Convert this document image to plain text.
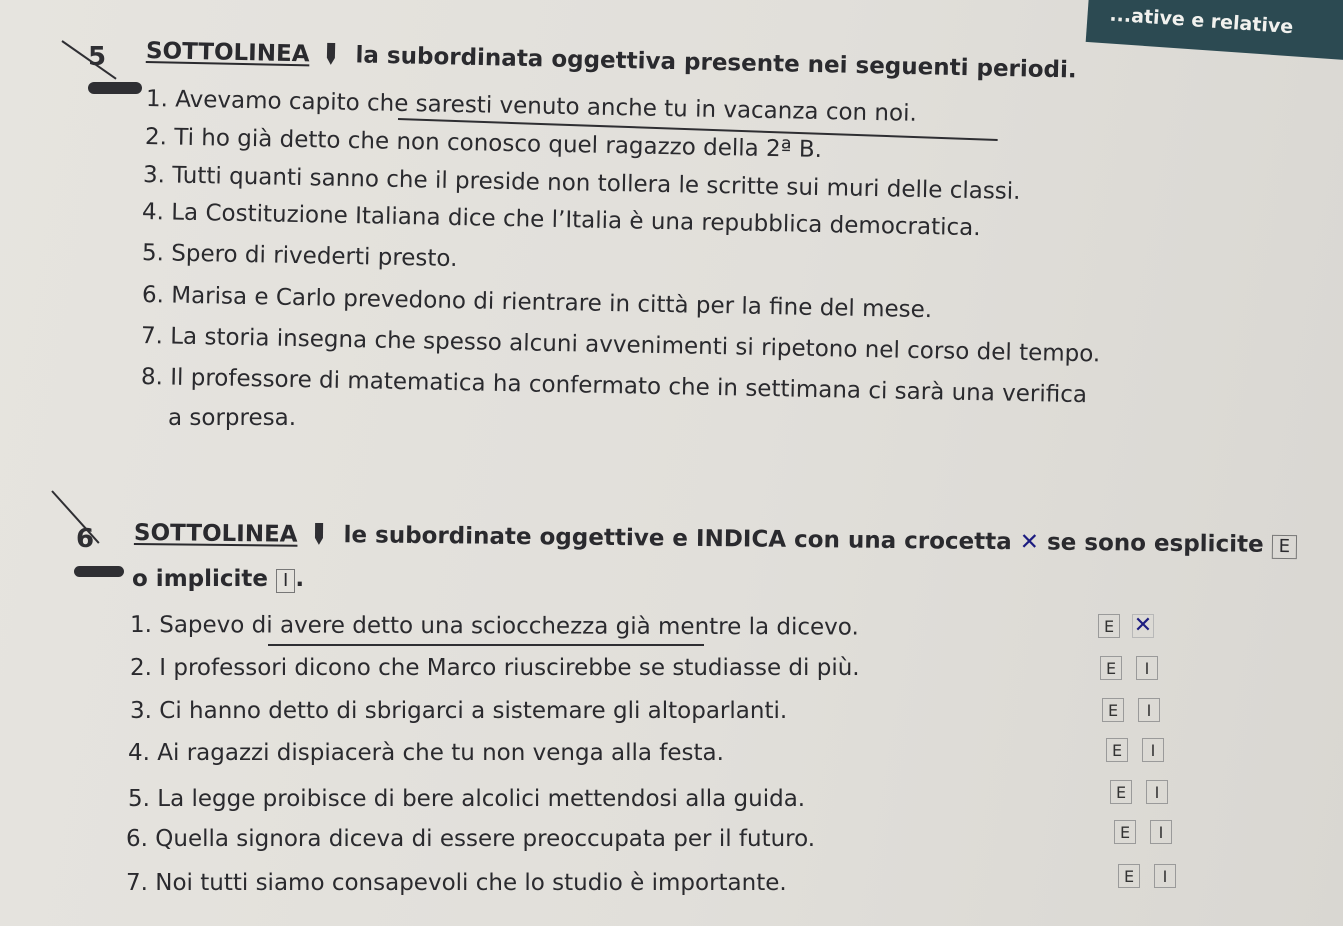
...ative e relative
5 SOTTOLINEA la subordinata oggettiva presente nei seguenti periodi.
1. Avevamo capito che saresti venuto anche tu in vacanza con noi.
2. Ti ho già detto che non conosco quel ragazzo della 2ª B.
3. Tutti quanti sanno che il preside non tollera le scritte sui muri delle classi.
4. La Costituzione Italiana dice che l’Italia è una repubblica democratica.
5. Spero di rivederti presto.
6. Marisa e Carlo prevedono di rientrare in città per la fine del mese.
7. La storia insegna che spesso alcuni avvenimenti si ripetono nel corso del tempo.
8. Il professore di matematica ha confermato che in settimana ci sarà una verifica
a sorpresa.
6 SOTTOLINEA le subordinate oggettive e INDICA con una crocetta ✕ se sono esplicite E
o implicite I .
1. Sapevo di avere detto una sciocchezza già mentre la dicevo.	E ✕
2. I professori dicono che Marco riuscirebbe se studiasse di più.	E	I
3. Ci hanno detto di sbrigarci a sistemare gli altoparlanti.	E	I
4. Ai ragazzi dispiacerà che tu non venga alla festa.	E	I
5. La legge proibisce di bere alcolici mettendosi alla guida.	E	I
6. Quella signora diceva di essere preoccupata per il futuro.	E	I
7. Noi tutti siamo consapevoli che lo studio è importante.	E	I
